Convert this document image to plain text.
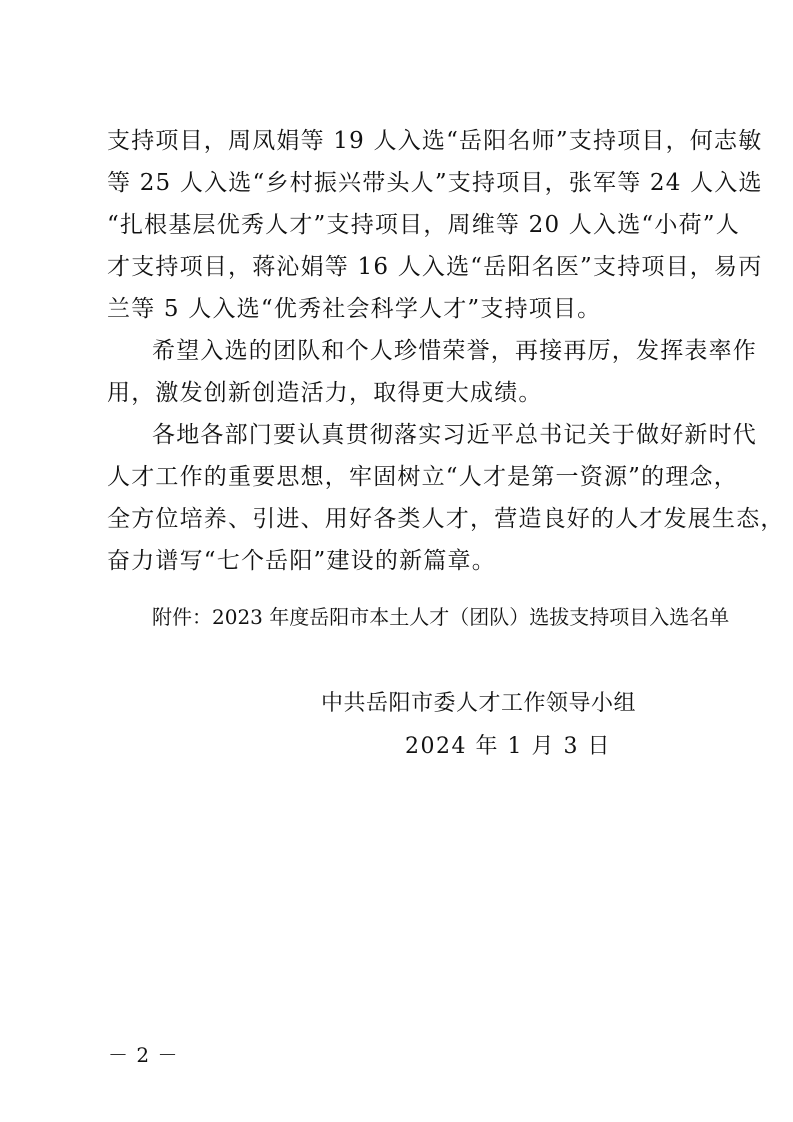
支持项目，周凤娟等 19 人入选“岳阳名师”支持项目，何志敏
等 25 人入选“乡村振兴带头人”支持项目，张军等 24 人入选
“扎根基层优秀人才”支持项目，周维等 20 人入选“小荷”人
才支持项目，蒋沁娟等 16 人入选“岳阳名医”支持项目，易丙
兰等 5 人入选“优秀社会科学人才”支持项目。
希望入选的团队和个人珍惜荣誉，再接再厉，发挥表率作
用，激发创新创造活力，取得更大成绩。
各地各部门要认真贯彻落实习近平总书记关于做好新时代
人才工作的重要思想，牢固树立“人才是第一资源”的理念，
全方位培养、引进、用好各类人才，营造良好的人才发展生态，
奋力谱写“七个岳阳”建设的新篇章。
附件：2023 年度岳阳市本土人才（团队）选拔支持项目入选名单
中共岳阳市委人才工作领导小组
2024 年 1 月 3 日
－ 2 －
